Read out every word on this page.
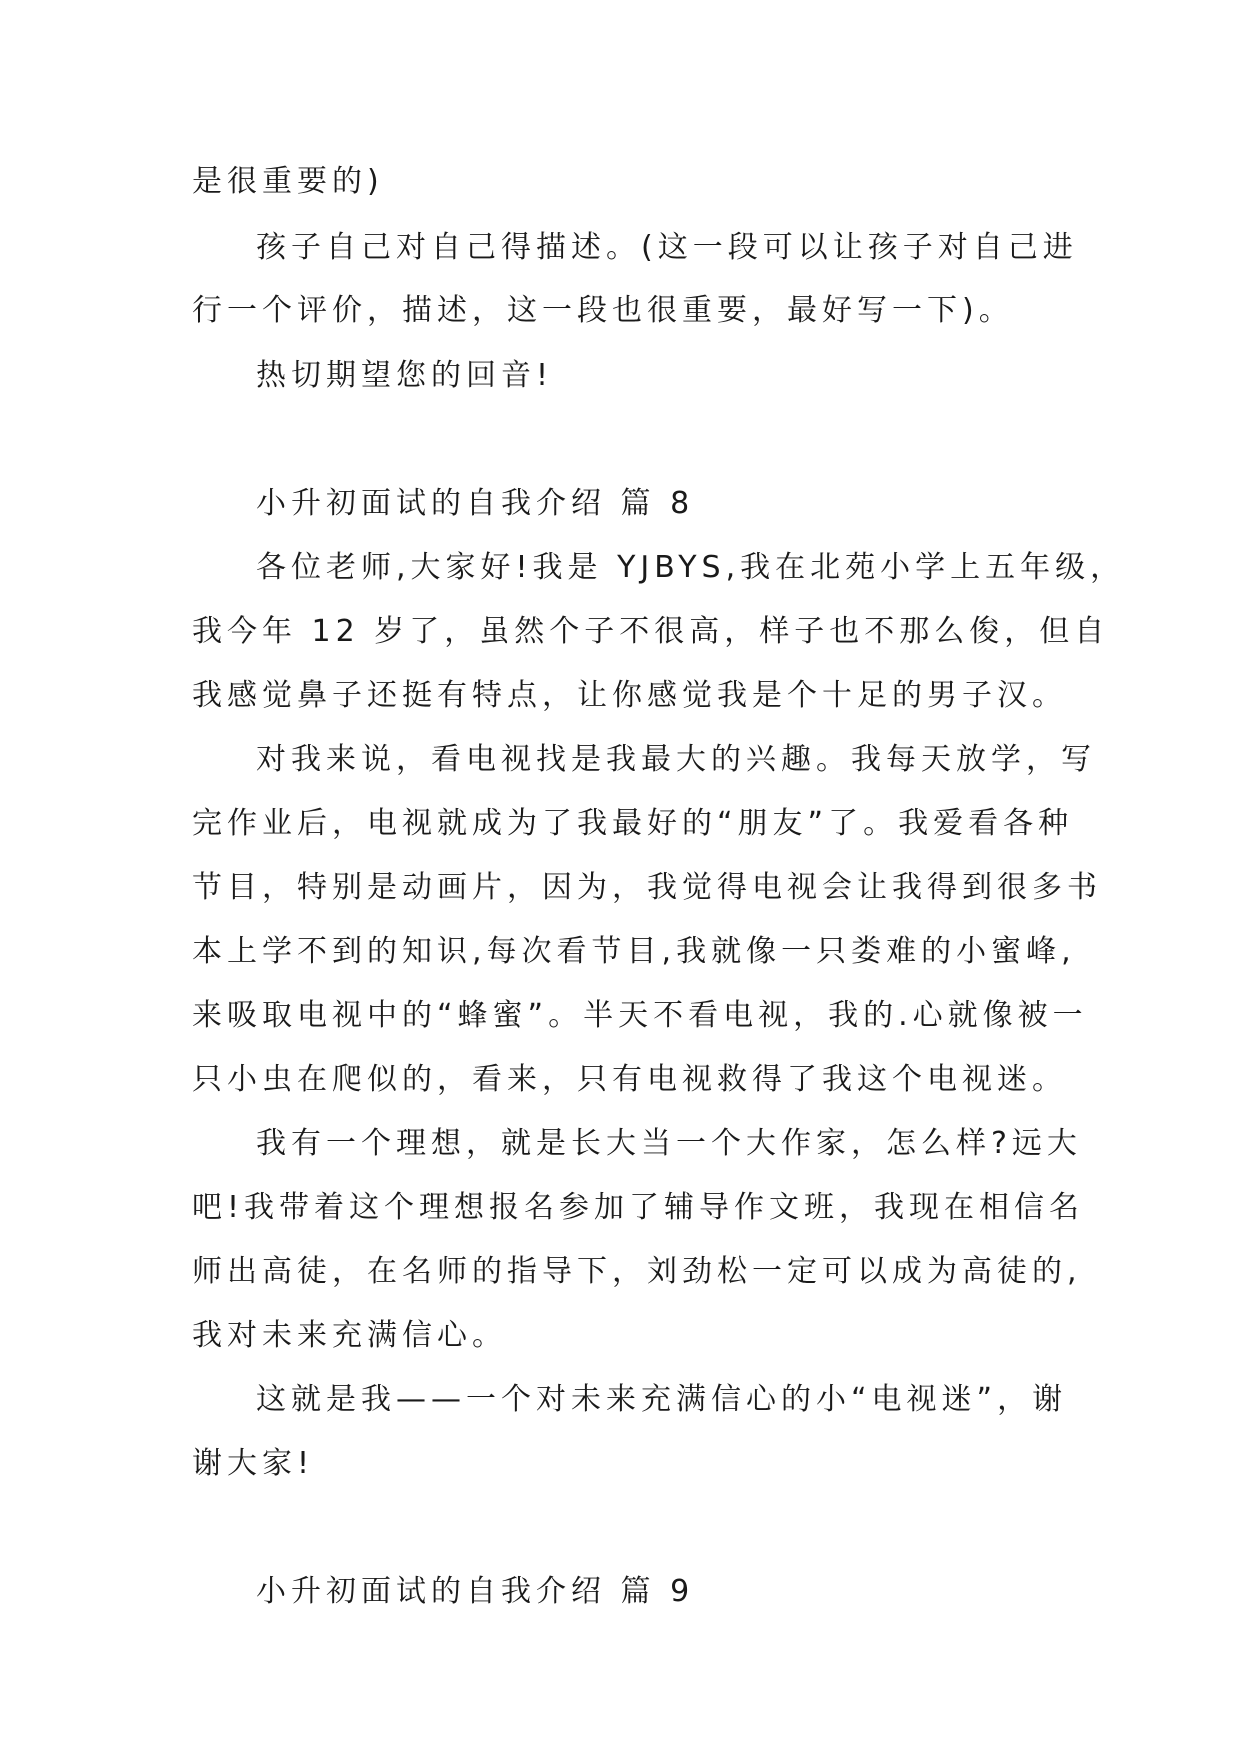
是很重要的)
孩子自己对自己得描述。(这一段可以让孩子对自己进
行一个评价，描述，这一段也很重要，最好写一下)。
热切期望您的回音!
小升初面试的自我介绍 篇 8
各位老师,大家好!我是 YJBYS,我在北苑小学上五年级，
我今年 12 岁了，虽然个子不很高，样子也不那么俊，但自
我感觉鼻子还挺有特点，让你感觉我是个十足的男子汉。
对我来说，看电视找是我最大的兴趣。我每天放学，写
完作业后，电视就成为了我最好的“朋友”了。我爱看各种
节目，特别是动画片，因为，我觉得电视会让我得到很多书
本上学不到的知识,每次看节目,我就像一只娄难的小蜜峰,
来吸取电视中的“蜂蜜”。半天不看电视，我的.心就像被一
只小虫在爬似的，看来，只有电视救得了我这个电视迷。
我有一个理想，就是长大当一个大作家，怎么样?远大
吧!我带着这个理想报名参加了辅导作文班，我现在相信名
师出高徒，在名师的指导下，刘劲松一定可以成为高徒的,
我对未来充满信心。
这就是我——一个对未来充满信心的小“电视迷”，谢
谢大家!
小升初面试的自我介绍 篇 9
